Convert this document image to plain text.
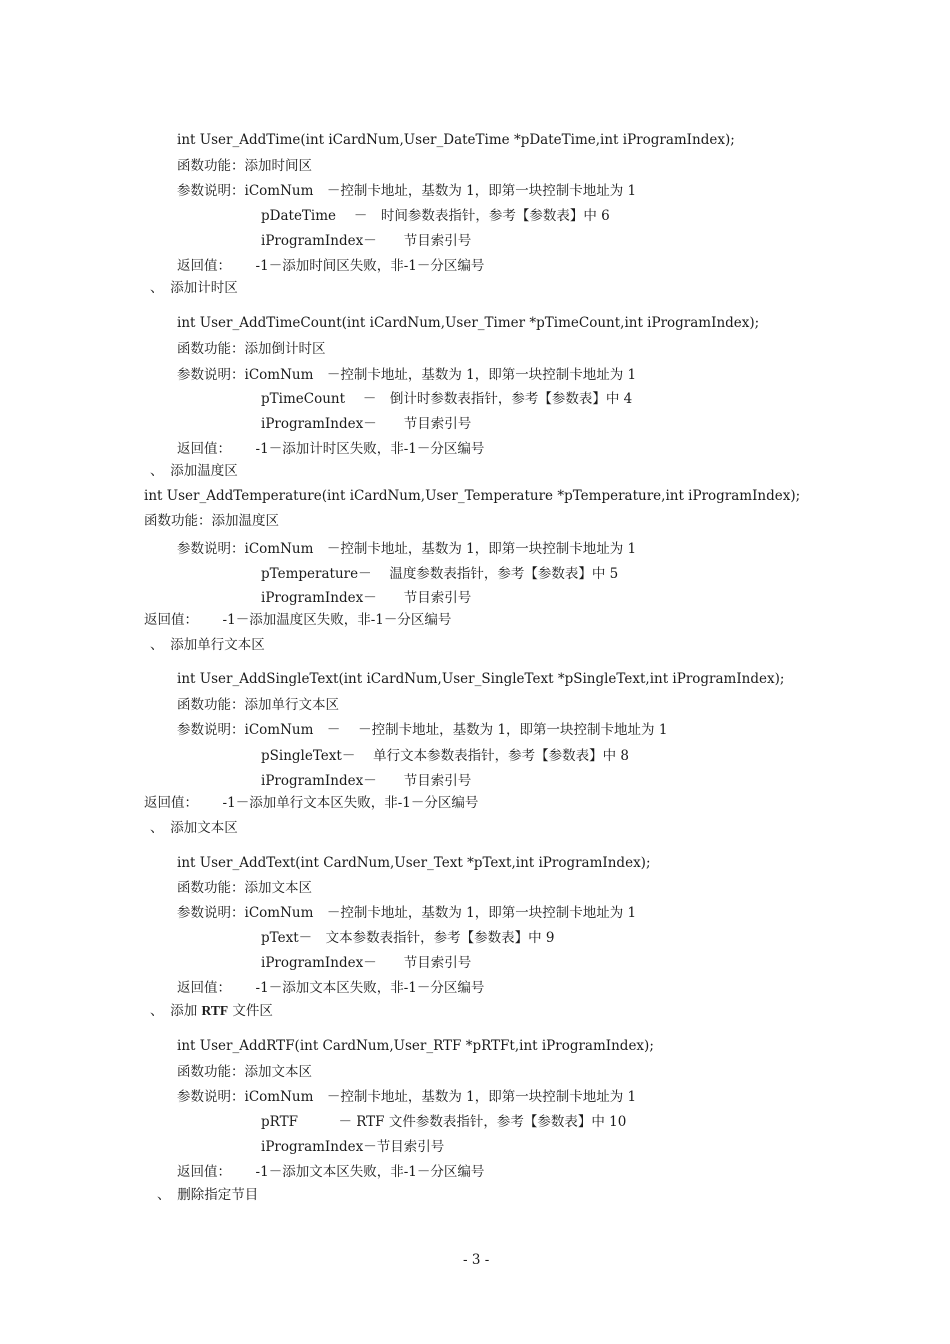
int User_AddTime(int iCardNum,User_DateTime *pDateTime,int iProgramIndex);
函数功能：添加时间区
参数说明：iComNum　－控制卡地址，基数为 1，即第一块控制卡地址为 1
pDateTime　 －　时间参数表指针，参考【参数表】中 6
iProgramIndex－　　节目索引号
返回值：　　 -1－添加时间区失败，非-1－分区编号
、　添加计时区
int User_AddTimeCount(int iCardNum,User_Timer *pTimeCount,int iProgramIndex);
函数功能：添加倒计时区
参数说明：iComNum　－控制卡地址，基数为 1，即第一块控制卡地址为 1
pTimeCount　 －　倒计时参数表指针，参考【参数表】中 4
iProgramIndex－　　节目索引号
返回值：　　 -1－添加计时区失败，非-1－分区编号
、　添加温度区
int User_AddTemperature(int iCardNum,User_Temperature *pTemperature,int iProgramIndex);
函数功能：添加温度区
参数说明：iComNum　－控制卡地址，基数为 1，即第一块控制卡地址为 1
pTemperature－　 温度参数表指针，参考【参数表】中 5
iProgramIndex－　　节目索引号
返回值：　　 -1－添加温度区失败，非-1－分区编号
、　添加单行文本区
int User_AddSingleText(int iCardNum,User_SingleText *pSingleText,int iProgramIndex);
函数功能：添加单行文本区
参数说明：iComNum　－　 －控制卡地址，基数为 1，即第一块控制卡地址为 1
pSingleText－　 单行文本参数表指针，参考【参数表】中 8
iProgramIndex－　　节目索引号
返回值：　　 -1－添加单行文本区失败，非-1－分区编号
、　添加文本区
int User_AddText(int CardNum,User_Text *pText,int iProgramIndex);
函数功能：添加文本区
参数说明：iComNum　－控制卡地址，基数为 1，即第一块控制卡地址为 1
pText－　文本参数表指针，参考【参数表】中 9
iProgramIndex－　　节目索引号
返回值：　　 -1－添加文本区失败，非-1－分区编号
、　添加 RTF 文件区
int User_AddRTF(int CardNum,User_RTF *pRTFt,int iProgramIndex);
函数功能：添加文本区
参数说明：iComNum　－控制卡地址，基数为 1，即第一块控制卡地址为 1
pRTF　　　－ RTF 文件参数表指针，参考【参数表】中 10
iProgramIndex－节目索引号
返回值：　　 -1－添加文本区失败，非-1－分区编号
、　删除指定节目
- 3 -
